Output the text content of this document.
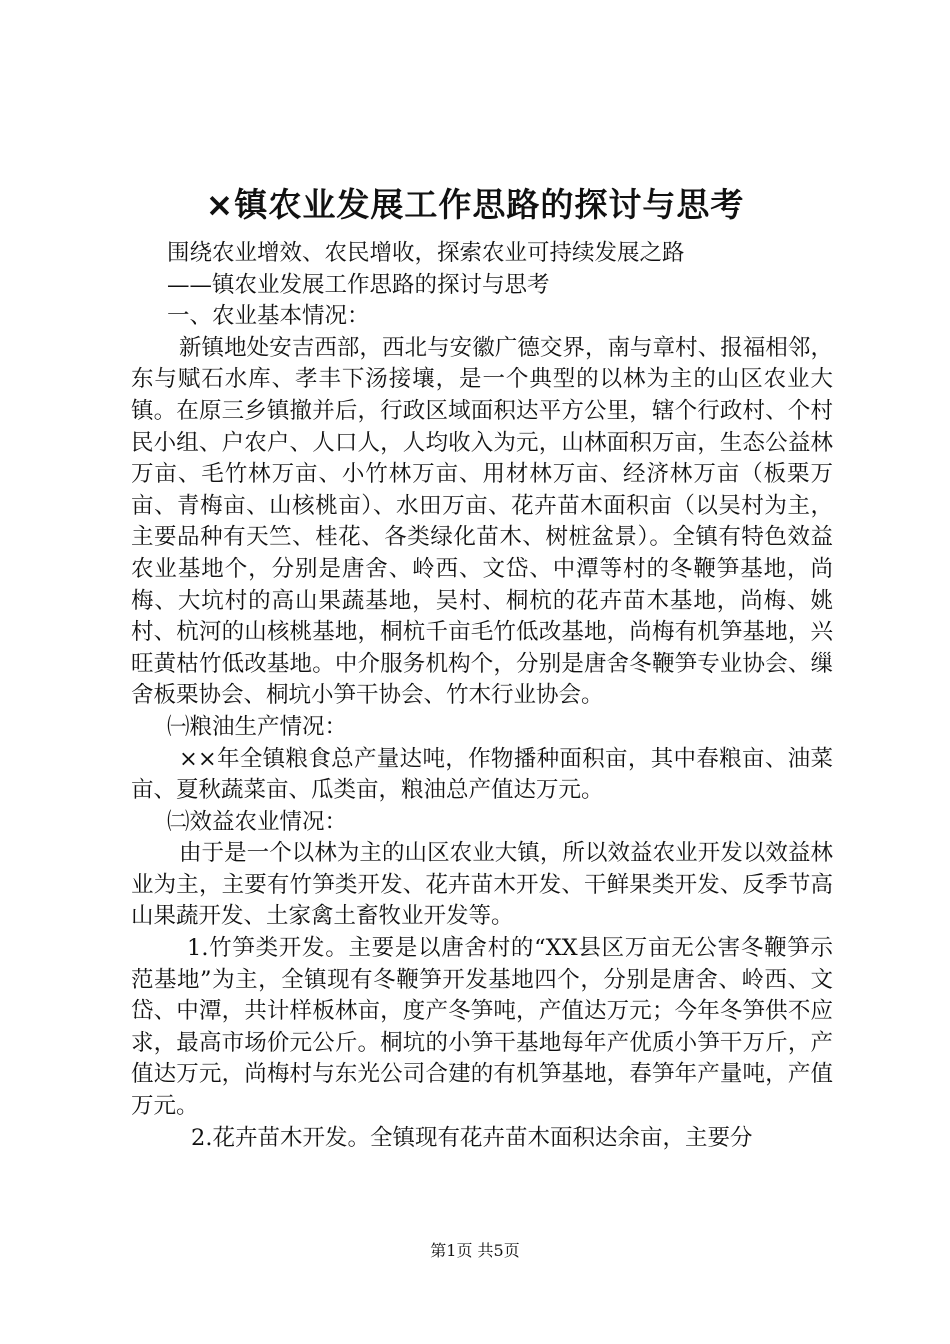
×镇农业发展工作思路的探讨与思考

围绕农业增效、农民增收，探索农业可持续发展之路

——镇农业发展工作思路的探讨与思考

一、农业基本情况：

新镇地处安吉西部，西北与安徽广德交界，南与章村、报福相邻，东与赋石水库、孝丰下汤接壤，是一个典型的以林为主的山区农业大镇。在原三乡镇撤并后，行政区域面积达平方公里，辖个行政村、个村民小组、户农户、人口人，人均收入为元，山林面积万亩，生态公益林万亩、毛竹林万亩、小竹林万亩、用材林万亩、经济林万亩（板栗万亩、青梅亩、山核桃亩）、水田万亩、花卉苗木面积亩（以吴村为主，主要品种有天竺、桂花、各类绿化苗木、树桩盆景）。全镇有特色效益农业基地个，分别是唐舍、岭西、文岱、中潭等村的冬鞭笋基地，尚梅、大坑村的高山果蔬基地，吴村、桐杭的花卉苗木基地，尚梅、姚村、杭河的山核桃基地，桐杭千亩毛竹低改基地，尚梅有机笋基地，兴旺黄枯竹低改基地。中介服务机构个，分别是唐舍冬鞭笋专业协会、缫舍板栗协会、桐坑小笋干协会、竹木行业协会。

㈠粮油生产情况：

××年全镇粮食总产量达吨，作物播种面积亩，其中春粮亩、油菜亩、夏秋蔬菜亩、瓜类亩，粮油总产值达万元。

㈡效益农业情况：

由于是一个以林为主的山区农业大镇，所以效益农业开发以效益林业为主，主要有竹笋类开发、花卉苗木开发、干鲜果类开发、反季节高山果蔬开发、土家禽土畜牧业开发等。

1.竹笋类开发。主要是以唐舍村的“XX县区万亩无公害冬鞭笋示范基地”为主，全镇现有冬鞭笋开发基地四个，分别是唐舍、岭西、文岱、中潭，共计样板林亩，度产冬笋吨，产值达万元；今年冬笋供不应求，最高市场价元公斤。桐坑的小笋干基地每年产优质小笋干万斤，产值达万元，尚梅村与东光公司合建的有机笋基地，春笋年产量吨，产值万元。

2.花卉苗木开发。全镇现有花卉苗木面积达余亩，主要分

第1页 共5页
